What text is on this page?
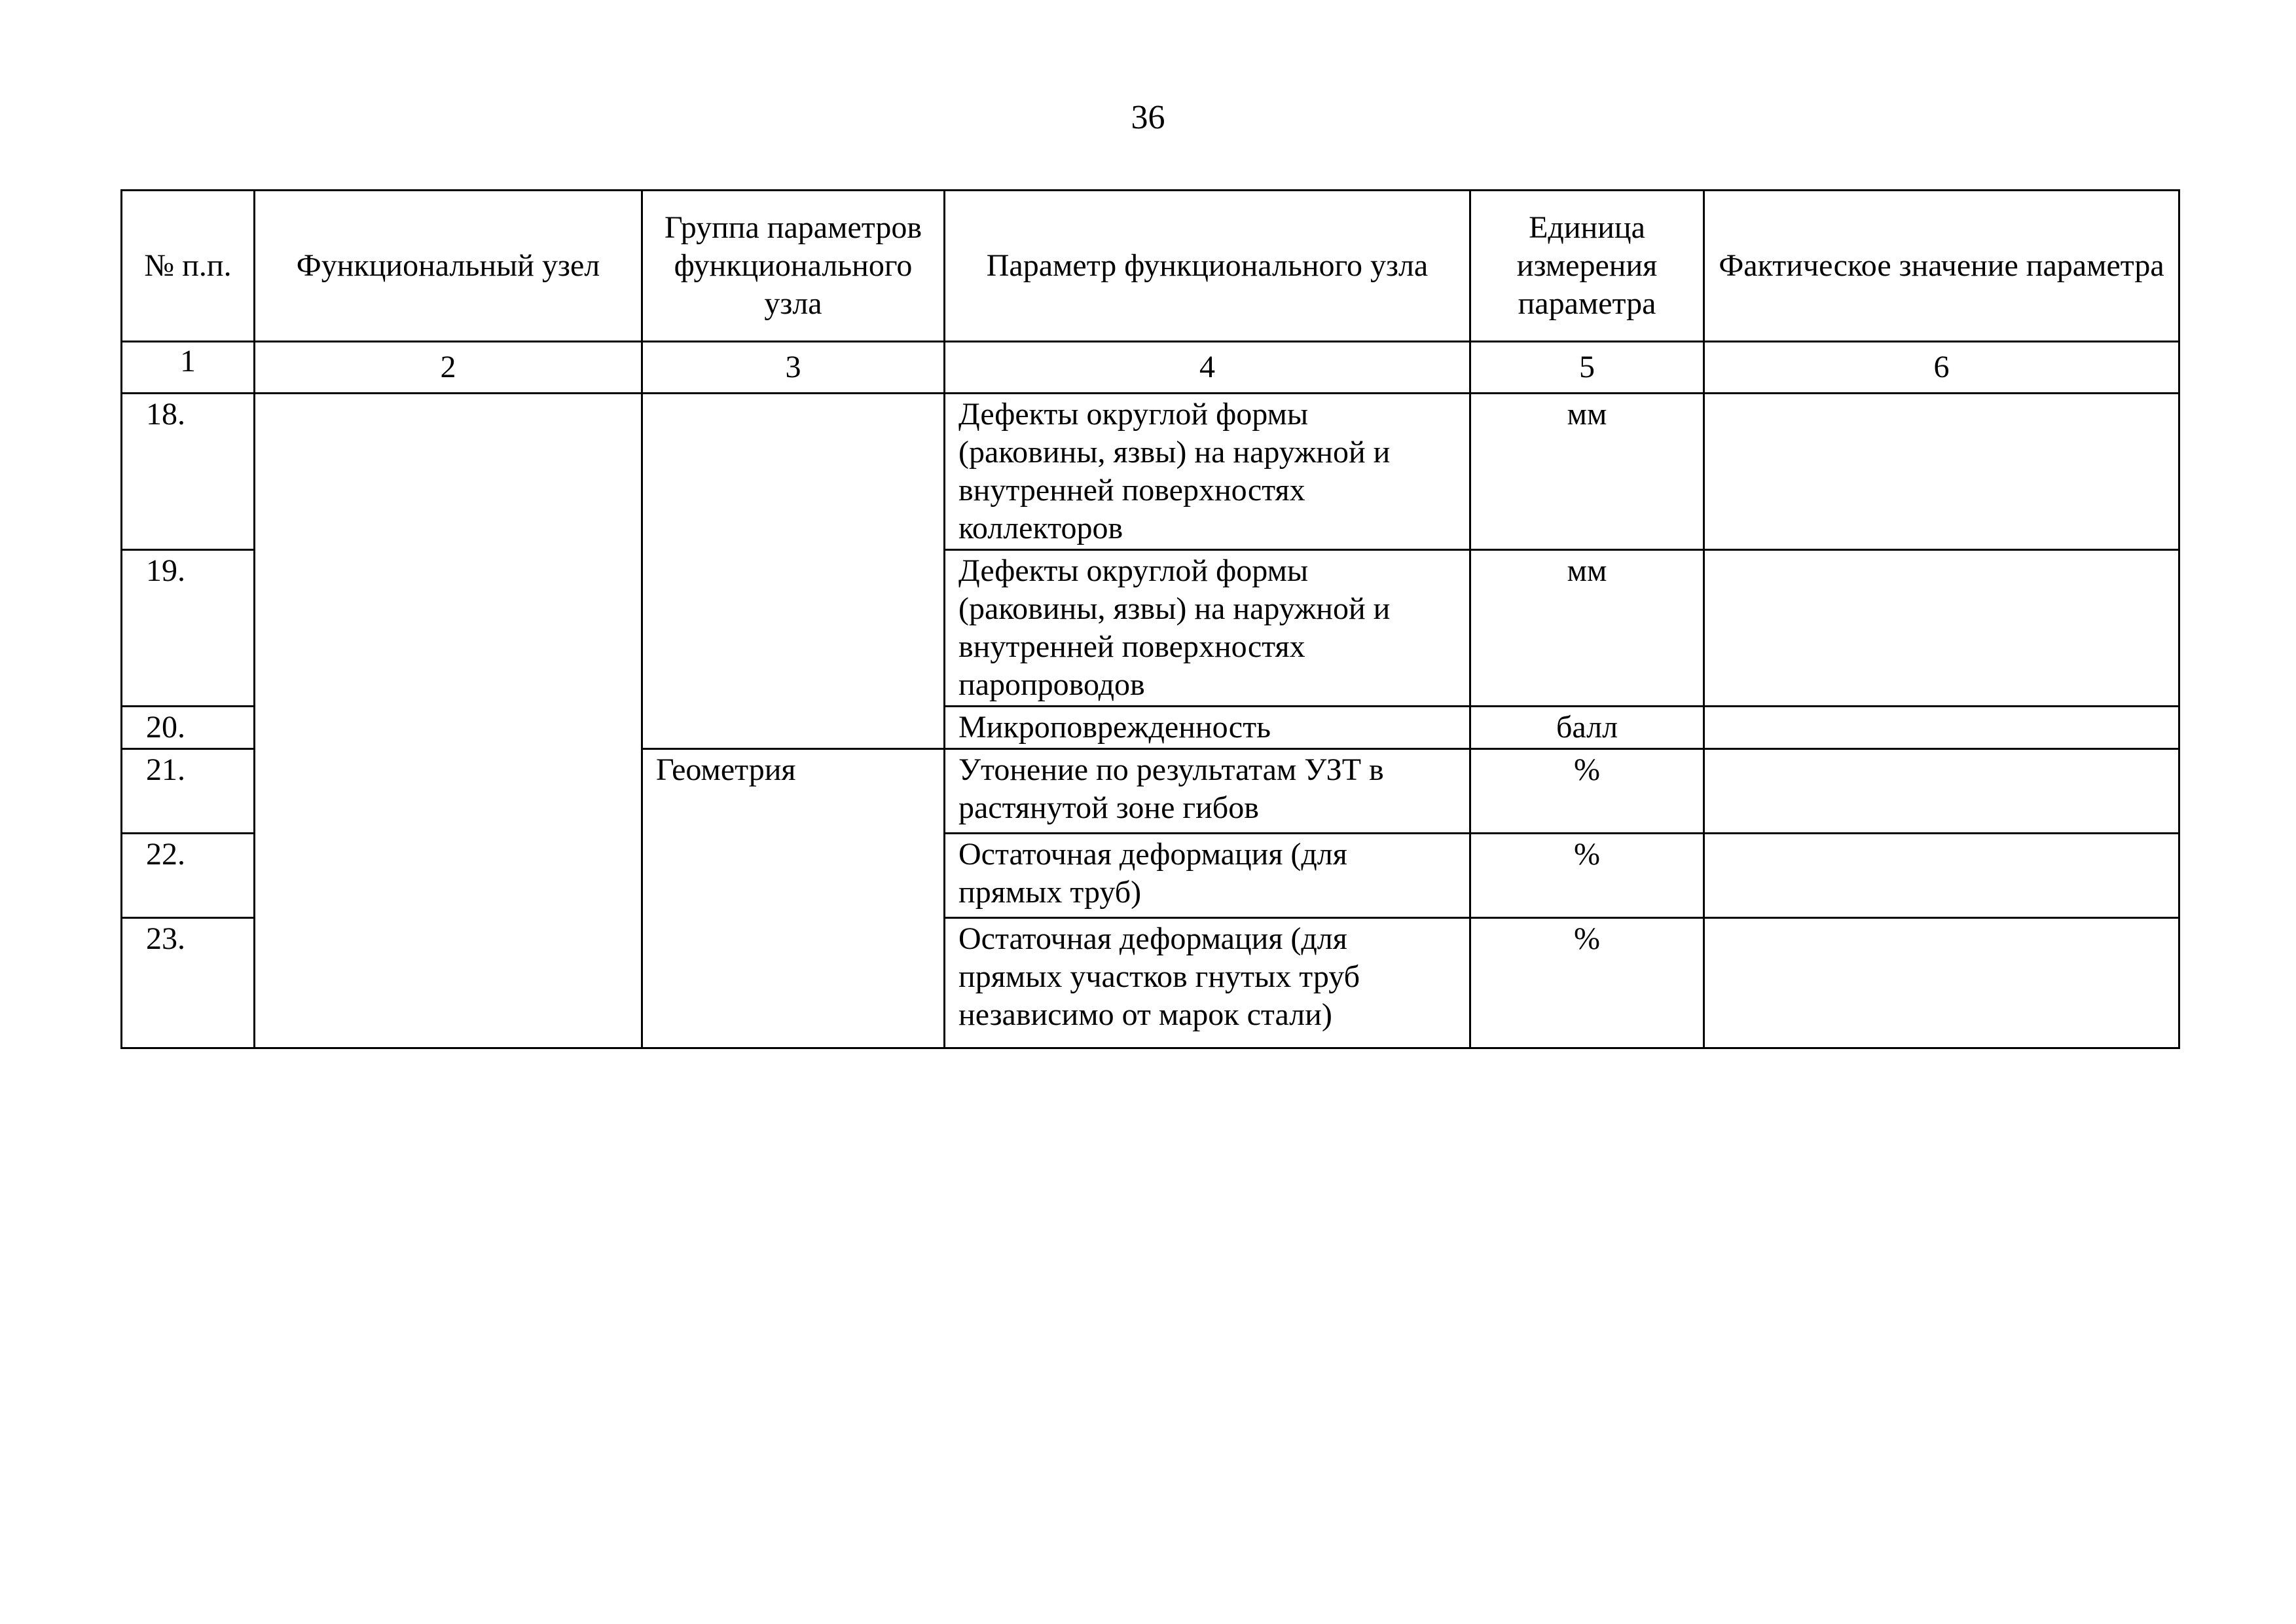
36
№ п.п.	Функциональный узел	Группа параметров функционального узла	Параметр функционального узла	Единица измерения параметра	Фактическое значение параметра
1	2	3	4	5	6
18.			Дефекты округлой формы (раковины, язвы) на наружной и внутренней поверхностях коллекторов	мм	
19.			Дефекты округлой формы (раковины, язвы) на наружной и внутренней поверхностях паропроводов	мм	
20.			Микроповрежденность	балл	
21.		Геометрия	Утонение по результатам УЗТ в растянутой зоне гибов	%	
22.			Остаточная деформация (для прямых труб)	%	
23.			Остаточная деформация (для прямых участков гнутых труб независимо от марок стали)	%	
